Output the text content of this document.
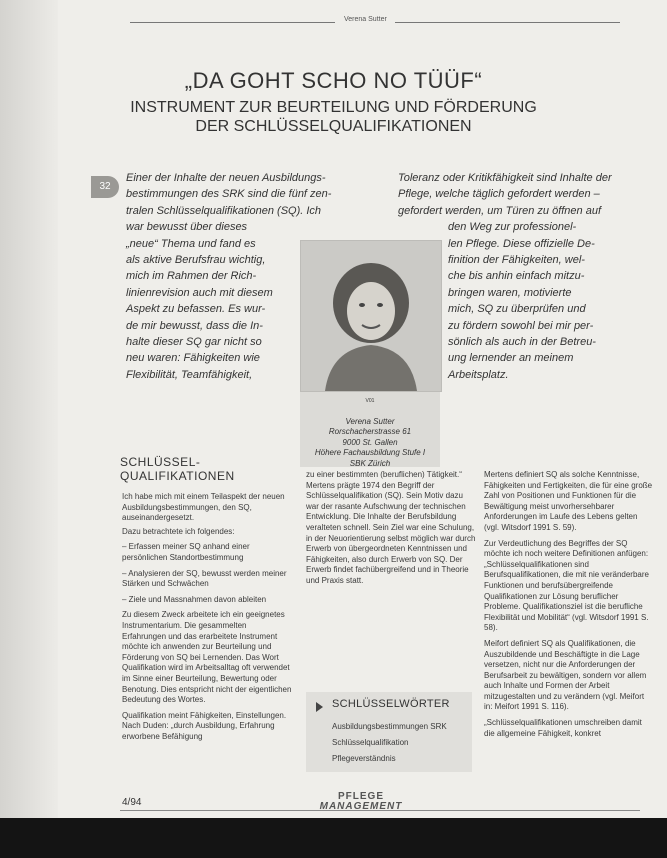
Verena Sutter
„DA GOHT SCHO NO TÜÜF“
INSTRUMENT ZUR BEURTEILUNG UND FÖRDERUNG
DER SCHLÜSSELQUALIFIKATIONEN
32

Einer der Inhalte der neuen Ausbildungs-

bestimmungen des SRK sind die fünf zen-

tralen Schlüsselqualifikationen (SQ). Ich

war bewusst über dieses

„neue“ Thema und fand es

als aktive Berufsfrau wichtig,

mich im Rahmen der Rich-

linienrevision auch mit diesem

Aspekt zu befassen. Es wur-

de mir bewusst, dass die In-

halte dieser SQ gar nicht so

neu waren: Fähigkeiten wie

Flexibilität, Teamfähigkeit,

Toleranz oder Kritikfähigkeit sind Inhalte der

Pflege, welche täglich gefordert werden –

gefordert werden, um Türen zu öffnen auf

den Weg zur professionel-

len Pflege. Diese offizielle De-

finition der Fähigkeiten, wel-

che bis anhin einfach mitzu-

bringen waren, motivierte

mich, SQ zu überprüfen und

zu fördern sowohl bei mir per-

sönlich als auch in der Betreu-

ung lernender an meinem

Arbeitsplatz.

V01
Verena Sutter
Rorschacherstrasse 61
9000 St. Gallen
Höhere Fachausbildung Stufe I
SBK Zürich
SCHLÜSSEL-
QUALIFIKATIONEN

Ich habe mich mit einem Teilaspekt der neuen Ausbildungsbestimmungen, den SQ, auseinandergesetzt.

Dazu betrachtete ich folgendes:

– Erfassen meiner SQ anhand einer persönlichen Standortbestimmung

– Analysieren der SQ, bewusst werden meiner Stärken und Schwächen

– Ziele und Massnahmen davon ableiten

Zu diesem Zweck arbeitete ich ein geeignetes Instrumentarium. Die gesammelten Erfahrungen und das erarbeitete Instrument möchte ich anwenden zur Beurteilung und Förderung von SQ bei Lernenden. Das Wort Qualifikation wird im Arbeitsalltag oft verwendet im Sinne einer Beurteilung, Bewertung oder Benotung. Dies entspricht nicht der eigentlichen Bedeutung des Wortes.

Qualifikation meint Fähigkeiten, Einstellungen. Nach Duden: „durch Ausbildung, Erfahrung erworbene Befähigung

zu einer bestimmten (beruflichen) Tätigkeit.“ Mertens prägte 1974 den Begriff der Schlüsselqualifikation (SQ). Sein Motiv dazu war der rasante Aufschwung der technischen Entwicklung. Die Inhalte der Berufsbildung veralteten schnell. Sein Ziel war eine Schulung, in der Neuorientierung selbst möglich war durch Erwerb von übergeordneten Kenntnissen und Fähigkeiten, also durch Erwerb von SQ. Der Erwerb findet fachübergreifend und in Theorie und Praxis statt.

SCHLÜSSELWÖRTER
Ausbildungsbestimmungen SRK
Schlüsselqualifikation
Pflegeverständnis

Mertens definiert SQ als solche Kenntnisse, Fähigkeiten und Fertigkeiten, die für eine große Zahl von Positionen und Funktionen für die Bewältigung meist unvorhersehbarer Anforderungen im Laufe des Lebens gelten (vgl. Witsdorf 1991 S. 59).

Zur Verdeutlichung des Begriffes der SQ möchte ich noch weitere Definitionen anfügen: „Schlüsselqualifikationen sind Berufsqualifikationen, die mit nie veränderbare Funktionen und berufsübergreifende Qualifikationen zur Lösung beruflicher Probleme. Qualifikationsziel ist die berufliche Flexibilität und Mobilität“ (vgl. Witsdorf 1991 S. 58).

Meifort definiert SQ als Qualifikationen, die Auszubildende und Beschäftigte in die Lage versetzen, nicht nur die Anforderungen der Berufsarbeit zu bewältigen, sondern vor allem auch Inhalte und Formen der Arbeit mitzugestalten und zu verändern (vgl. Meifort in: Meifort 1991 S. 116).

„Schlüsselqualifikationen umschreiben damit die allgemeine Fähigkeit, konkret

4/94
PFLEGE
MANAGEMENT
